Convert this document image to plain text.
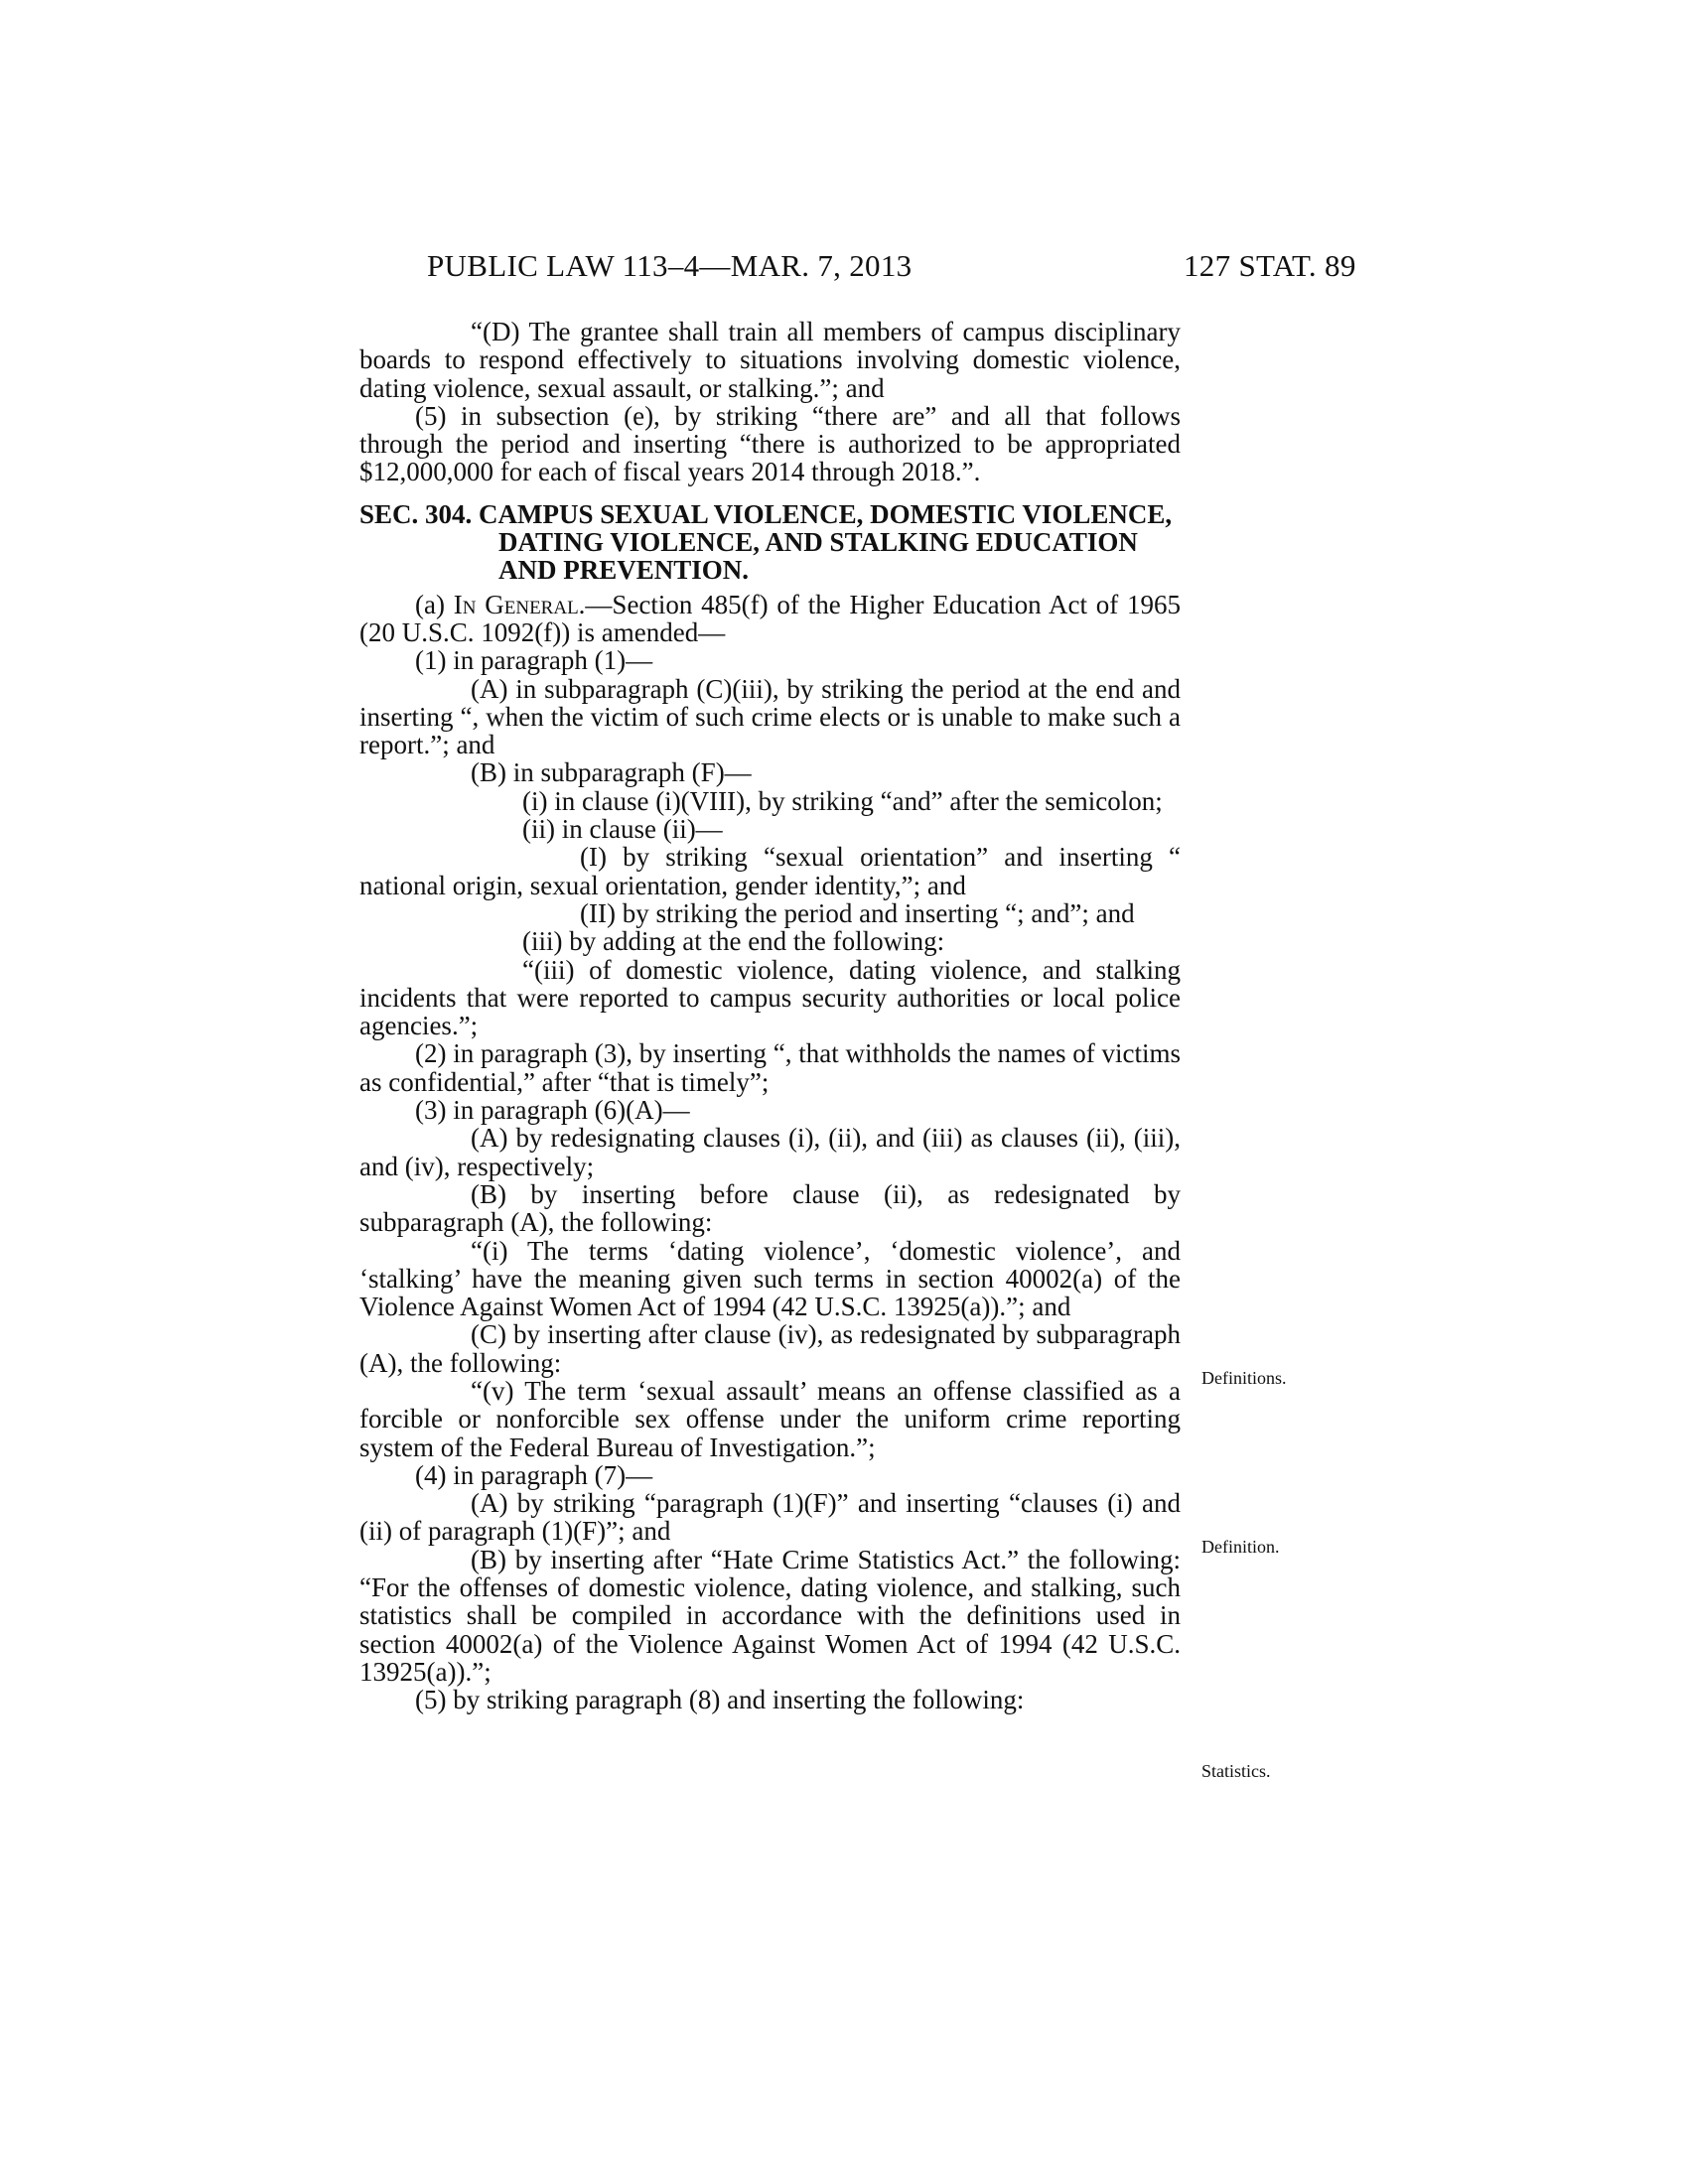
PUBLIC LAW 113–4—MAR. 7, 2013	127 STAT. 89

“(D) The grantee shall train all members of campus disciplinary boards to respond effectively to situations involving domestic violence, dating violence, sexual assault, or stalking.”; and

(5) in subsection (e), by striking “there are” and all that follows through the period and inserting “there is authorized to be appropriated $12,000,000 for each of fiscal years 2014 through 2018.”.

SEC. 304. CAMPUS SEXUAL VIOLENCE, DOMESTIC VIOLENCE, DATING VIOLENCE, AND STALKING EDUCATION AND PREVENTION.

(a) In General.—Section 485(f) of the Higher Education Act of 1965 (20 U.S.C. 1092(f)) is amended—

(1) in paragraph (1)—

(A) in subparagraph (C)(iii), by striking the period at the end and inserting “, when the victim of such crime elects or is unable to make such a report.”; and

(B) in subparagraph (F)—

(i) in clause (i)(VIII), by striking “and” after the semicolon;

(ii) in clause (ii)—

(I) by striking “sexual orientation” and inserting “ national origin, sexual orientation, gender identity,”; and

(II) by striking the period and inserting “; and”; and

(iii) by adding at the end the following:

“(iii) of domestic violence, dating violence, and stalking incidents that were reported to campus security authorities or local police agencies.”;

(2) in paragraph (3), by inserting “, that withholds the names of victims as confidential,” after “that is timely”;

(3) in paragraph (6)(A)—

(A) by redesignating clauses (i), (ii), and (iii) as clauses (ii), (iii), and (iv), respectively;

(B) by inserting before clause (ii), as redesignated by subparagraph (A), the following:

“(i) The terms ‘dating violence’, ‘domestic violence’, and ‘stalking’ have the meaning given such terms in section 40002(a) of the Violence Against Women Act of 1994 (42 U.S.C. 13925(a)).”; and

(C) by inserting after clause (iv), as redesignated by subparagraph (A), the following:

“(v) The term ‘sexual assault’ means an offense classified as a forcible or nonforcible sex offense under the uniform crime reporting system of the Federal Bureau of Investigation.”;

(4) in paragraph (7)—

(A) by striking “paragraph (1)(F)” and inserting “clauses (i) and (ii) of paragraph (1)(F)”; and

(B) by inserting after “Hate Crime Statistics Act.” the following: “For the offenses of domestic violence, dating violence, and stalking, such statistics shall be compiled in accordance with the definitions used in section 40002(a) of the Violence Against Women Act of 1994 (42 U.S.C. 13925(a)).”;

(5) by striking paragraph (8) and inserting the following:

Definitions.
Definition.
Statistics.
